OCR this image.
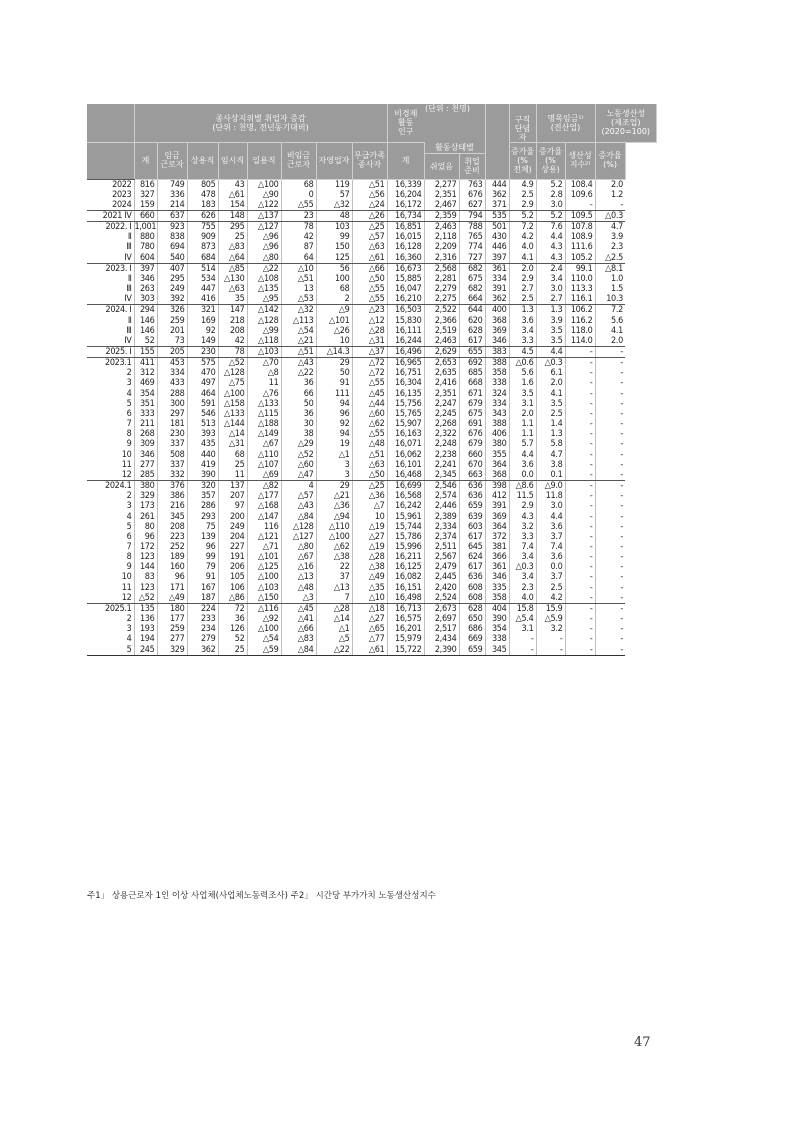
	종사상지위별 취업자 증감
(단위 : 천명, 전년동기대비)								비경제
활동
인구	(단위 : 천명)			구직
단념
자	명목임금¹⁾
(전산업)		노동생산성
(제조업)
(2020=100)

	계	임금
근로자	상용직	임시직	일용직	비임금
근로자	자영업자	무급가족
종사자	계	활동상태별			증가율
(%
전체)	증가율
(%
상용)	생산성
지수²⁾	증가율
(%)
										쉬었음	취업
준비					
2022	816	749	805	43	△100	68	119	△51	16,339	2,277	763	444	4.9	5.2	108.4	2.0
2023	327	336	478	△61	△90	0	57	△56	16,204	2,351	676	362	2.5	2.8	109.6	1.2
2024	159	214	183	154	△122	△55	△32	△24	16,172	2,467	627	371	2.9	3.0	-	-
2021 Ⅳ	660	637	626	148	△137	23	48	△26	16,734	2,359	794	535	5.2	5.2	109.5	△0.3
2022. Ⅰ	1,001	923	755	295	△127	78	103	△25	16,851	2,463	788	501	7.2	7.6	107.8	4.7
Ⅱ	880	838	909	25	△96	42	99	△57	16,015	2,118	765	430	4.2	4.4	108.9	3.9
Ⅲ	780	694	873	△83	△96	87	150	△63	16,128	2,209	774	446	4.0	4.3	111.6	2.3
Ⅳ	604	540	684	△64	△80	64	125	△61	16,360	2,316	727	397	4.1	4.3	105.2	△2.5
2023. Ⅰ	397	407	514	△85	△22	△10	56	△66	16,673	2,568	682	361	2.0	2.4	99.1	△8.1
Ⅱ	346	295	534	△130	△108	△51	100	△50	15,885	2,281	675	334	2.9	3.4	110.0	1.0
Ⅲ	263	249	447	△63	△135	13	68	△55	16,047	2,279	682	391	2.7	3.0	113.3	1.5
Ⅳ	303	392	416	35	△95	△53	2	△55	16,210	2,275	664	362	2.5	2.7	116.1	10.3
2024. Ⅰ	294	326	321	147	△142	△32	△9	△23	16,503	2,522	644	400	1.3	1.3	106.2	7.2
Ⅱ	146	259	169	218	△128	△113	△101	△12	15,830	2,366	620	368	3.6	3.9	116.2	5.6
Ⅲ	146	201	92	208	△99	△54	△26	△28	16,111	2,519	628	369	3.4	3.5	118.0	4.1
Ⅳ	52	73	149	42	△118	△21	10	△31	16,244	2,463	617	346	3.3	3.5	114.0	2.0
2025. Ⅰ	155	205	230	78	△103	△51	△14.3	△37	16,496	2,629	655	383	4.5	4.4	-	-
2023.1	411	453	575	△52	△70	△43	29	△72	16,965	2,653	692	388	△0.6	△0.3	-	-
2	312	334	470	△128	△8	△22	50	△72	16,751	2,635	685	358	5.6	6.1	-	-
3	469	433	497	△75	11	36	91	△55	16,304	2,416	668	338	1.6	2.0	-	-
4	354	288	464	△100	△76	66	111	△45	16,135	2,351	671	324	3.5	4.1	-	-
5	351	300	591	△158	△133	50	94	△44	15,756	2,247	679	334	3.1	3.5	-	-
6	333	297	546	△133	△115	36	96	△60	15,765	2,245	675	343	2.0	2.5	-	-
7	211	181	513	△144	△188	30	92	△62	15,907	2,268	691	388	1.1	1.4	-	-
8	268	230	393	△14	△149	38	94	△55	16,163	2,322	676	406	1.1	1.3	-	-
9	309	337	435	△31	△67	△29	19	△48	16,071	2,248	679	380	5.7	5.8	-	-
10	346	508	440	68	△110	△52	△1	△51	16,062	2,238	660	355	4.4	4.7	-	-
11	277	337	419	25	△107	△60	3	△63	16,101	2,241	670	364	3.6	3.8	-	-
12	285	332	390	11	△69	△47	3	△50	16,468	2,345	663	368	0.0	0.1	-	-
2024.1	380	376	320	137	△82	4	29	△25	16,699	2,546	636	398	△8.6	△9.0	-	-
2	329	386	357	207	△177	△57	△21	△36	16,568	2,574	636	412	11.5	11.8	-	-
3	173	216	286	97	△168	△43	△36	△7	16,242	2,446	659	391	2.9	3.0	-	-
4	261	345	293	200	△147	△84	△94	10	15,961	2,389	639	369	4.3	4.4	-	-
5	80	208	75	249	116	△128	△110	△19	15,744	2,334	603	364	3.2	3.6	-	-
6	96	223	139	204	△121	△127	△100	△27	15,786	2,374	617	372	3.3	3.7	-	-
7	172	252	96	227	△71	△80	△62	△19	15,996	2,511	645	381	7.4	7.4	-	-
8	123	189	99	191	△101	△67	△38	△28	16,211	2,567	624	366	3.4	3.6	-	-
9	144	160	79	206	△125	△16	22	△38	16,125	2,479	617	361	△0.3	0.0	-	-
10	83	96	91	105	△100	△13	37	△49	16,082	2,445	636	346	3.4	3.7	-	-
11	123	171	167	106	△103	△48	△13	△35	16,151	2,420	608	335	2.3	2.5	-	-
12	△52	△49	187	△86	△150	△3	7	△10	16,498	2,524	608	358	4.0	4.2	-	-
2025.1	135	180	224	72	△116	△45	△28	△18	16,713	2,673	628	404	15.8	15.9	-	-
2	136	177	233	36	△92	△41	△14	△27	16,575	2,697	650	390	△5.4	△5.9	-	-
3	193	259	234	126	△100	△66	△1	△65	16,201	2,517	686	354	3.1	3.2	-	-
4	194	277	279	52	△54	△83	△5	△77	15,979	2,434	669	338	-	-	-	-
5	245	329	362	25	△59	△84	△22	△61	15,722	2,390	659	345	-	-	-	-
주1」 상용근로자 1인 이상 사업체(사업체노동력조사) 주2」 시간당 부가가치 노동생산성지수
47
